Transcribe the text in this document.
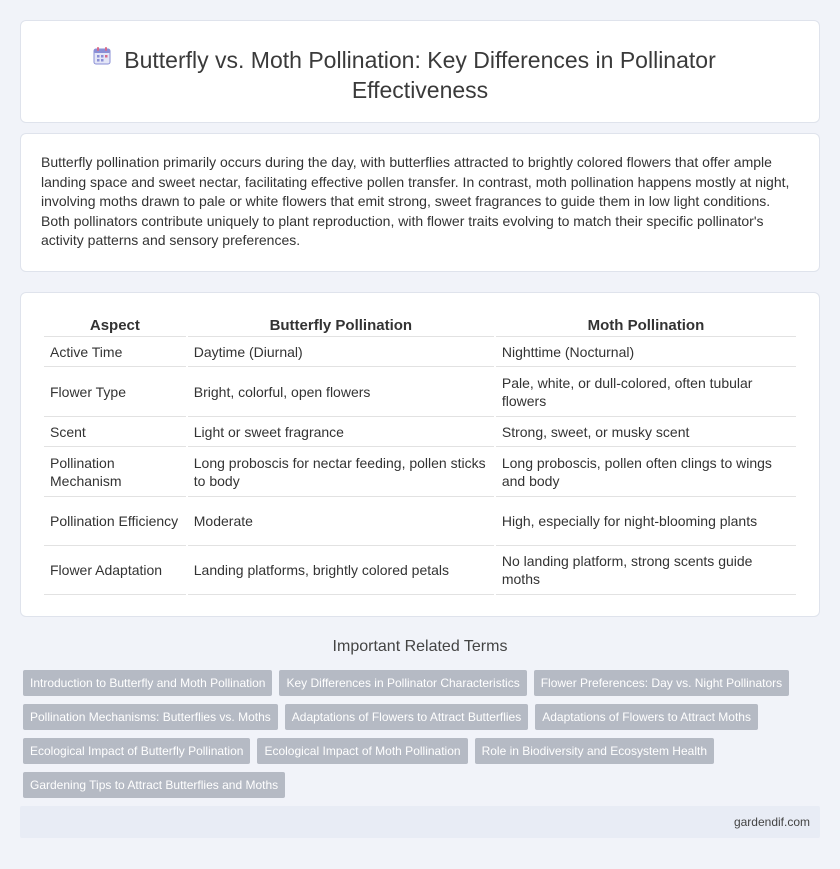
Butterfly vs. Moth Pollination: Key Differences in Pollinator Effectiveness

Butterfly pollination primarily occurs during the day, with butterflies attracted to brightly colored flowers that offer ample landing space and sweet nectar, facilitating effective pollen transfer. In contrast, moth pollination happens mostly at night, involving moths drawn to pale or white flowers that emit strong, sweet fragrances to guide them in low light conditions. Both pollinators contribute uniquely to plant reproduction, with flower traits evolving to match their specific pollinator's activity patterns and sensory preferences.

Aspect	Butterfly Pollination	Moth Pollination
Active Time	Daytime (Diurnal)	Nighttime (Nocturnal)
Flower Type	Bright, colorful, open flowers	Pale, white, or dull-colored, often tubular flowers
Scent	Light or sweet fragrance	Strong, sweet, or musky scent
Pollination Mechanism	Long proboscis for nectar feeding, pollen sticks to body	Long proboscis, pollen often clings to wings and body
Pollination Efficiency	Moderate	High, especially for night-blooming plants
Flower Adaptation	Landing platforms, brightly colored petals	No landing platform, strong scents guide moths
Important Related Terms
Introduction to Butterfly and Moth Pollination Key Differences in Pollinator Characteristics Flower Preferences: Day vs. Night PollinatorsPollination Mechanisms: Butterflies vs. Moths Adaptations of Flowers to Attract Butterflies Adaptations of Flowers to Attract MothsEcological Impact of Butterfly Pollination Ecological Impact of Moth Pollination Role in Biodiversity and Ecosystem HealthGardening Tips to Attract Butterflies and Moths
gardendif.com
